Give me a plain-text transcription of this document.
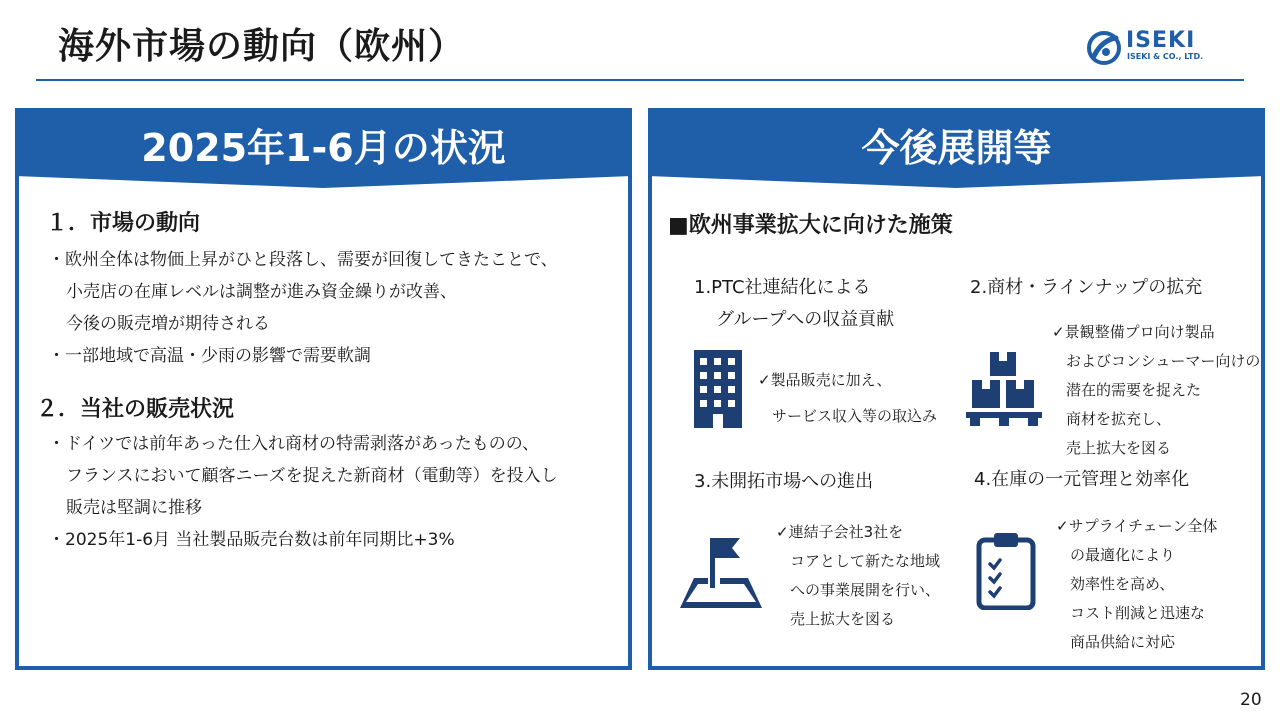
海外市場の動向（欧州）	ISEKI
ISEKI & CO., LTD.
2025年1-6月の状況
１．市場の動向
・欧州全体は物価上昇がひと段落し、需要が回復してきたことで、
小売店の在庫レベルは調整が進み資金繰りが改善、
今後の販売増が期待される
・一部地域で高温・少雨の影響で需要軟調
２．当社の販売状況
・ドイツでは前年あった仕入れ商材の特需剥落があったものの、
フランスにおいて顧客ニーズを捉えた新商材（電動等）を投入し
販売は堅調に推移
・2025年1-6月 当社製品販売台数は前年同期比+3%
今後展開等
■欧州事業拡大に向けた施策
1.PTC社連結化による
グループへの収益貢献
✓製品販売に加え、
サービス収入等の取込み
2.商材・ラインナップの拡充
✓景観整備プロ向け製品
およびコンシューマー向けの
潜在的需要を捉えた
商材を拡充し、
売上拡大を図る
3.未開拓市場への進出
✓連結子会社3社を
コアとして新たな地域
への事業展開を行い、
売上拡大を図る
4.在庫の一元管理と効率化
✓サプライチェーン全体
の最適化により
効率性を高め、
コスト削減と迅速な
商品供給に対応
20
